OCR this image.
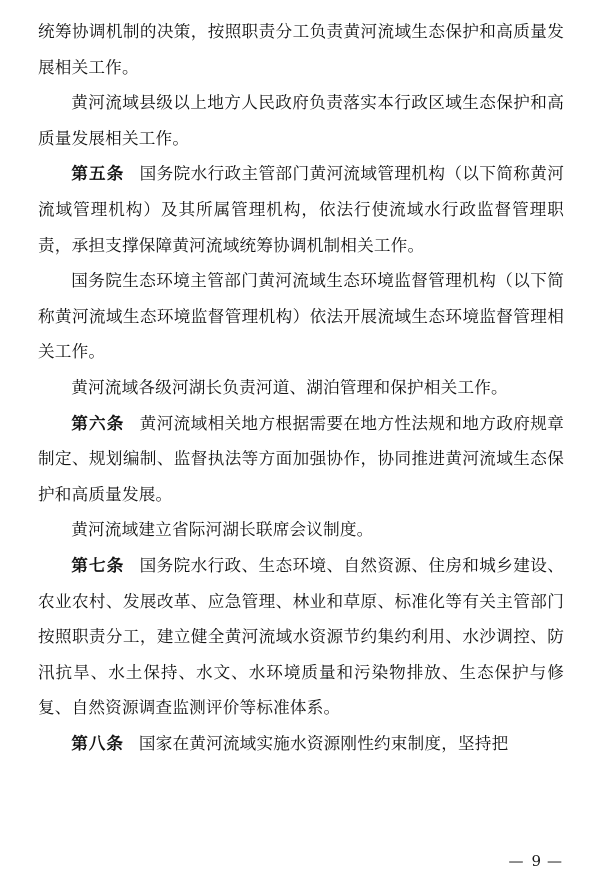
统筹协调机制的决策，按照职责分工负责黄河流域生态保护和高质量发展相关工作。

黄河流域县级以上地方人民政府负责落实本行政区域生态保护和高质量发展相关工作。

第五条 国务院水行政主管部门黄河流域管理机构（以下简称黄河流域管理机构）及其所属管理机构，依法行使流域水行政监督管理职责，承担支撑保障黄河流域统筹协调机制相关工作。

国务院生态环境主管部门黄河流域生态环境监督管理机构（以下简称黄河流域生态环境监督管理机构）依法开展流域生态环境监督管理相关工作。

黄河流域各级河湖长负责河道、湖泊管理和保护相关工作。

第六条 黄河流域相关地方根据需要在地方性法规和地方政府规章制定、规划编制、监督执法等方面加强协作，协同推进黄河流域生态保护和高质量发展。

黄河流域建立省际河湖长联席会议制度。

第七条 国务院水行政、生态环境、自然资源、住房和城乡建设、农业农村、发展改革、应急管理、林业和草原、标准化等有关主管部门按照职责分工，建立健全黄河流域水资源节约集约利用、水沙调控、防汛抗旱、水土保持、水文、水环境质量和污染物排放、生态保护与修复、自然资源调查监测评价等标准体系。

第八条 国家在黄河流域实施水资源刚性约束制度，坚持把

— 9 —
